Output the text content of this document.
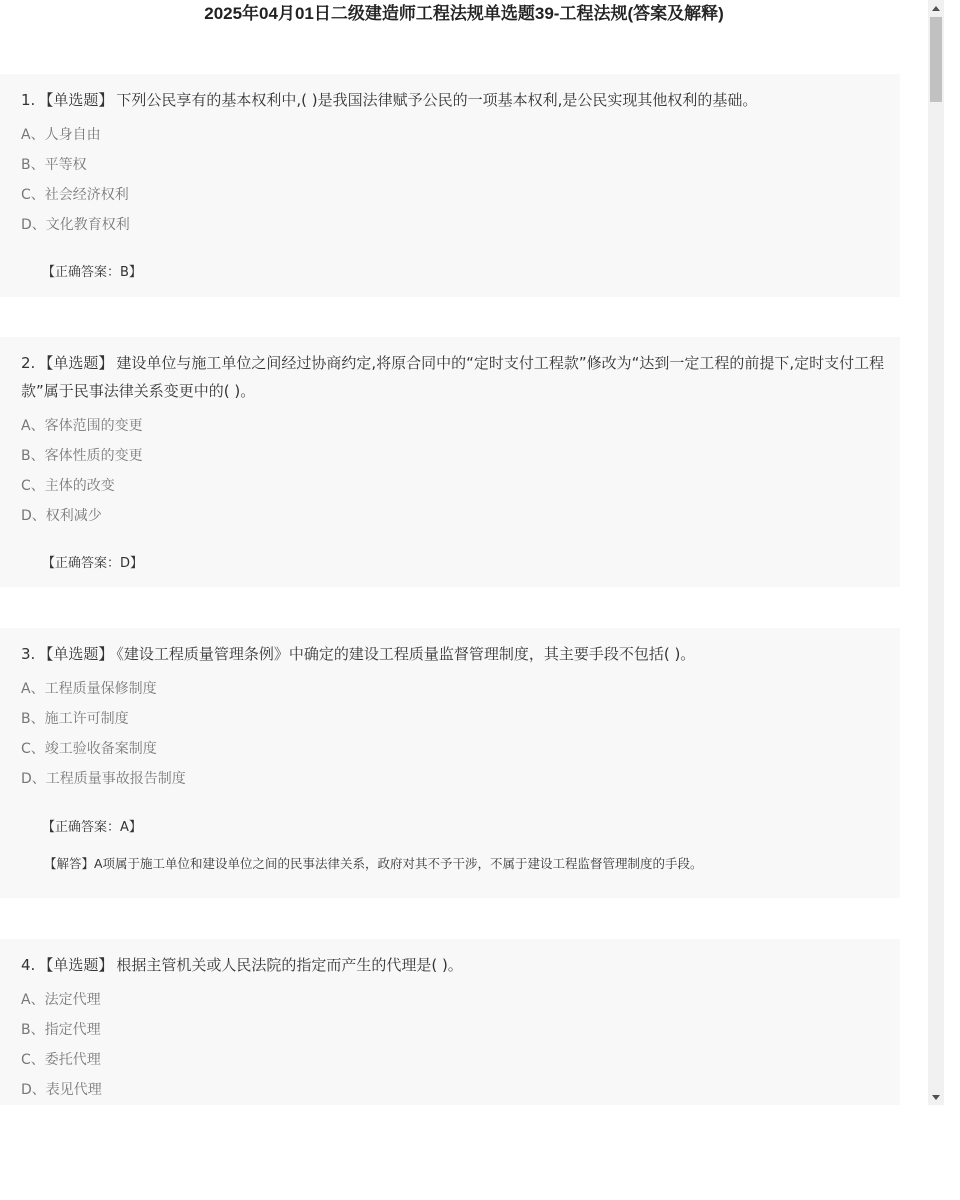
2025年04月01日二级建造师工程法规单选题39-工程法规(答案及解释)
1. 【单选题】 下列公民享有的基本权利中,( )是我国法律赋予公民的一项基本权利,是公民实现其他权利的基础。
A、人身自由
B、平等权
C、社会经济权利
D、文化教育权利
【正确答案：B】
2. 【单选题】 建设单位与施工单位之间经过协商约定,将原合同中的“定时支付工程款”修改为“达到一定工程的前提下,定时支付工程款”属于民事法律关系变更中的( )。
A、客体范围的变更
B、客体性质的变更
C、主体的改变
D、权利减少
【正确答案：D】
3. 【单选题】 《建设工程质量管理条例》中确定的建设工程质量监督管理制度，其主要手段不包括( )。
A、工程质量保修制度
B、施工许可制度
C、竣工验收备案制度
D、工程质量事故报告制度
【正确答案：A】
【解答】A项属于施工单位和建设单位之间的民事法律关系，政府对其不予干涉，不属于建设工程监督管理制度的手段。
4. 【单选题】 根据主管机关或人民法院的指定而产生的代理是( )。
A、法定代理
B、指定代理
C、委托代理
D、表见代理
